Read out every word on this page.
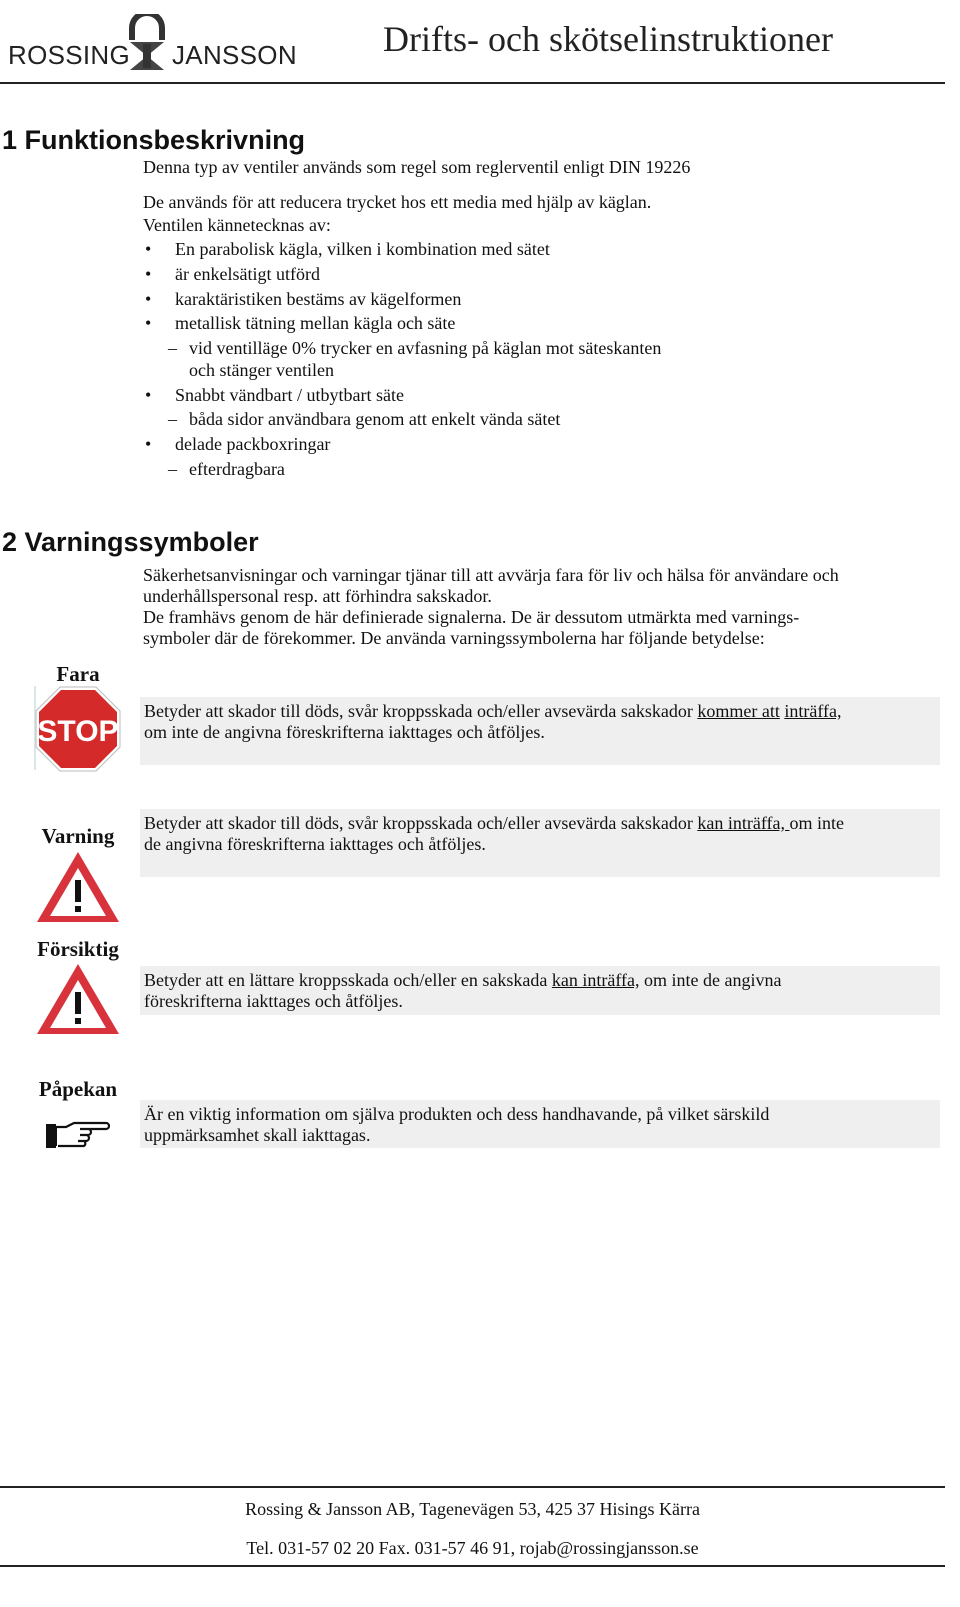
ROSSING JANSSON Drifts- och skötselinstruktioner
1 Funktionsbeskrivning
Denna typ av ventiler används som regel som reglerventil enligt DIN 19226
De används för att reducera trycket hos ett media med hjälp av käglan.
Ventilen kännetecknas av:
• En parabolisk kägla, vilken i kombination med sätet
• är enkelsätigt utförd
• karaktäristiken bestäms av kägelformen
• metallisk tätning mellan kägla och säte
– vid ventilläge 0% trycker en avfasning på käglan mot säteskanten
och stänger ventilen
• Snabbt vändbart / utbytbart säte
– båda sidor användbara genom att enkelt vända sätet
• delade packboxringar
– efterdragbara
2 Varningssymboler
Säkerhetsanvisningar och varningar tjänar till att avvärja fara för liv och hälsa för användare och
underhållspersonal resp. att förhindra sakskador.
De framhävs genom de här definierade signalerna. De är dessutom utmärkta med varnings-
symboler där de förekommer. De använda varningssymbolerna har följande betydelse:
Fara
STOP
Betyder att skador till döds, svår kroppsskada och/eller avsevärda sakskador kommer att inträffa,
om inte de angivna föreskrifterna iakttages och åtföljes.
Varning
Betyder att skador till döds, svår kroppsskada och/eller avsevärda sakskador kan inträffa, om inte
de angivna föreskrifterna iakttages och åtföljes.
Försiktig
Betyder att en lättare kroppsskada och/eller en sakskada kan inträffa, om inte de angivna
föreskrifterna iakttages och åtföljes.
Påpekan
Är en viktig information om själva produkten och dess handhavande, på vilket särskild
uppmärksamhet skall iakttagas.
Rossing & Jansson AB, Tagenevägen 53, 425 37 Hisings Kärra
Tel. 031-57 02 20 Fax. 031-57 46 91, rojab@rossingjansson.se
